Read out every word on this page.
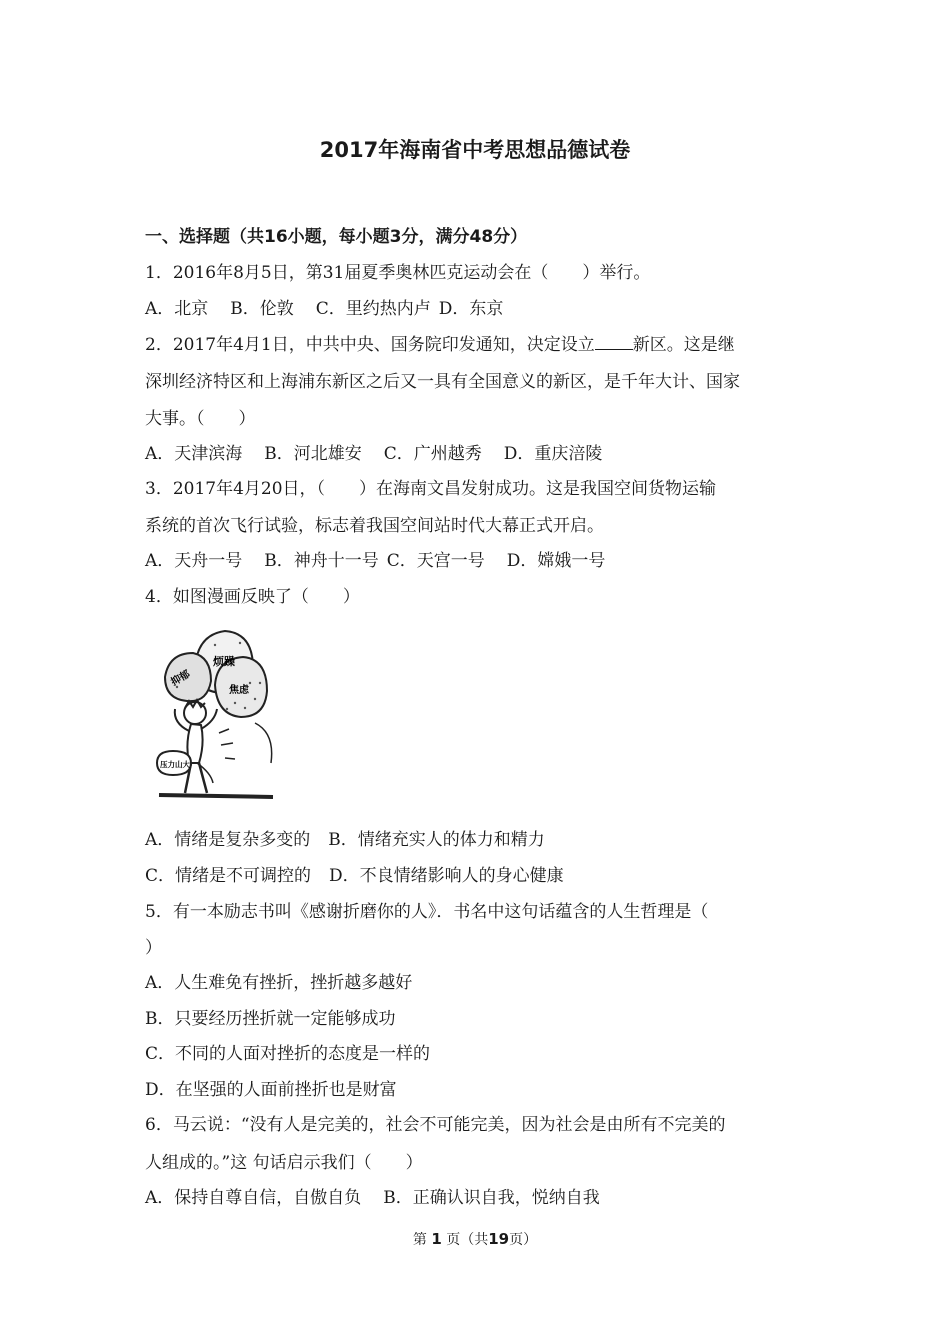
2017年海南省中考思想品德试卷
一、选择题（共16小题，每小题3分，满分48分）
1．2016年8月5日，第31届夏季奥林匹克运动会在（　　）举行。
A．北京 B．伦敦 C．里约热内卢 D．东京
2．2017年4月1日，中共中央、国务院印发通知，决定设立 新区。这是继
深圳经济特区和上海浦东新区之后又一具有全国意义的新区，是千年大计、国家
大事。（　　）
A．天津滨海 B．河北雄安 C．广州越秀 D．重庆涪陵
3．2017年4月20日，（　　）在海南文昌发射成功。这是我国空间货物运输
系统的首次飞行试验，标志着我国空间站时代大幕正式开启。
A．天舟一号 B．神舟十一号 C．天宫一号 D．嫦娥一号
4．如图漫画反映了（　　）
烦躁
焦虑
抑郁
压力山大
A．情绪是复杂多变的 B．情绪充实人的体力和精力
C．情绪是不可调控的 D．不良情绪影响人的身心健康
5．有一本励志书叫《感谢折磨你的人》．书名中这句话蕴含的人生哲理是（
）
A．人生难免有挫折，挫折越多越好
B．只要经历挫折就一定能够成功
C．不同的人面对挫折的态度是一样的
D．在坚强的人面前挫折也是财富
6．马云说：“没有人是完美的，社会不可能完美，因为社会是由所有不完美的
人组成的。”这 句话启示我们（　　）
A．保持自尊自信，自傲自负 B．正确认识自我，悦纳自我
第 1 页（共19页）
